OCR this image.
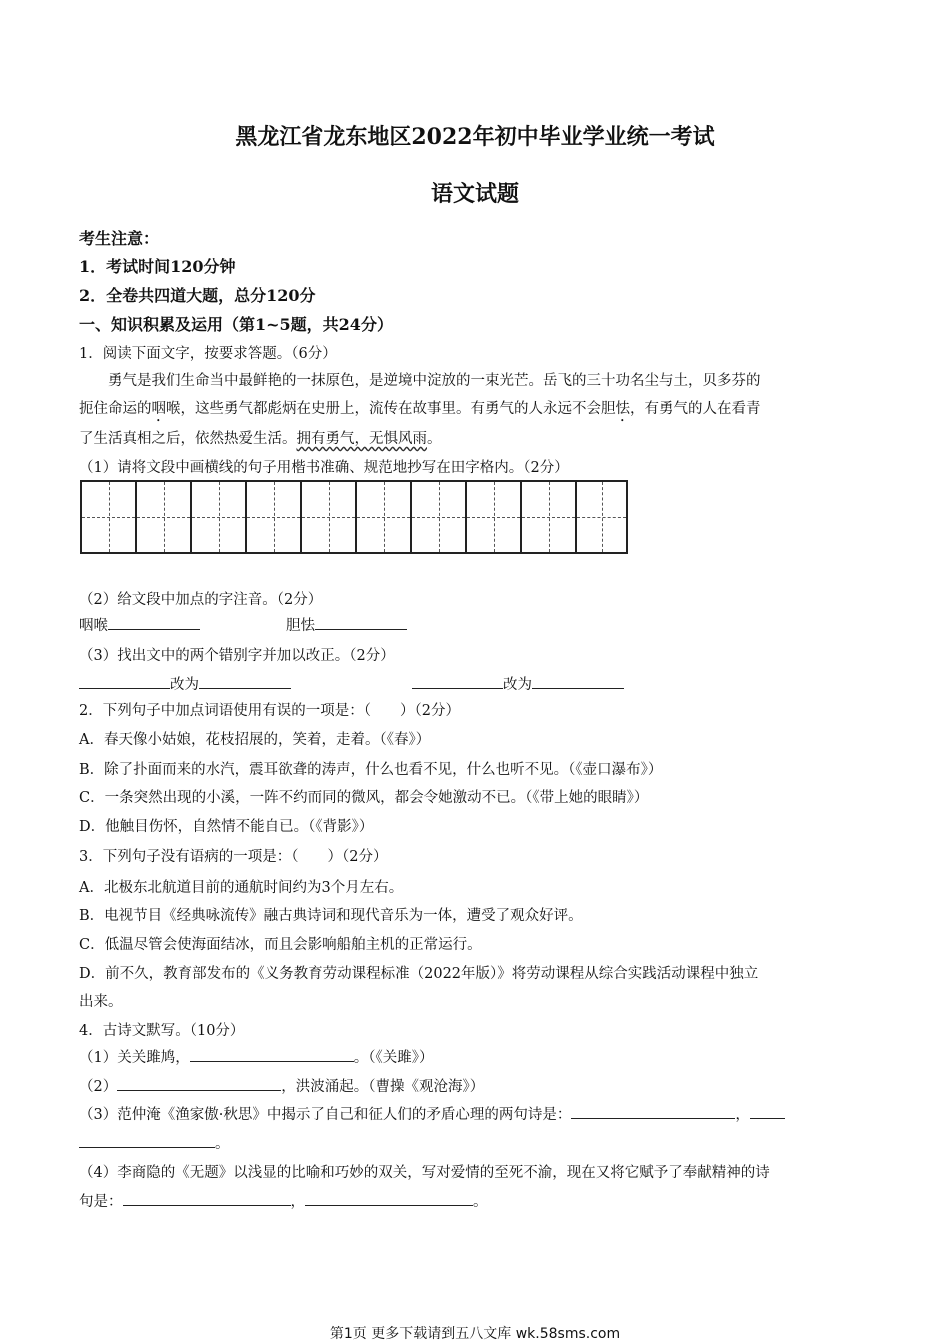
黑龙江省龙东地区2022年初中毕业学业统一考试
语文试题
考生注意：
1．考试时间120分钟
2．全卷共四道大题，总分120分
一、知识积累及运用（第1~5题，共24分）
1．阅读下面文字，按要求答题。（6分）
　　勇气是我们生命当中最鲜艳的一抹原色，是逆境中淀放的一束光芒。岳飞的三十功名尘与土，贝多芬的
扼住命运的咽喉，这些勇气都彪炳在史册上，流传在故事里。有勇气的人永远不会胆怯，有勇气的人在看青
了生活真相之后，依然热爱生活。拥有勇气，无惧风雨。
（1）请将文段中画横线的句子用楷书准确、规范地抄写在田字格内。（2分）
（2）给文段中加点的字注音。（2分）
咽喉	胆怯
（3）找出文中的两个错别字并加以改正。（2分）
改为	改为
2．下列句子中加点词语使用有误的一项是：（　　）（2分）
A．春天像小姑娘，花枝招展的，笑着，走着。（《春》）
B．除了扑面而来的水汽，震耳欲聋的涛声，什么也看不见，什么也听不见。（《壶口瀑布》）
C．一条突然出现的小溪，一阵不约而同的微风，都会令她激动不已。（《带上她的眼睛》）
D．他触目伤怀，自然情不能自已。（《背影》）
3．下列句子没有语病的一项是：（　　）（2分）
A．北极东北航道目前的通航时间约为3个月左右。
B．电视节目《经典咏流传》融古典诗词和现代音乐为一体，遭受了观众好评。
C．低温尽管会使海面结冰，而且会影响船舶主机的正常运行。
D．前不久，教育部发布的《义务教育劳动课程标准（2022年版）》将劳动课程从综合实践活动课程中独立
出来。
4．古诗文默写。（10分）
（1）关关雎鸠，	。（《关雎》）
（2）	，洪波涌起。（曹操《观沧海》）
（3）范仲淹《渔家傲·秋思》中揭示了自己和征人们的矛盾心理的两句诗是：	，
。
（4）李商隐的《无题》以浅显的比喻和巧妙的双关，写对爱情的至死不渝，现在又将它赋予了奉献精神的诗
句是：	，	。
第1页 更多下载请到五八文库 wk.58sms.com
